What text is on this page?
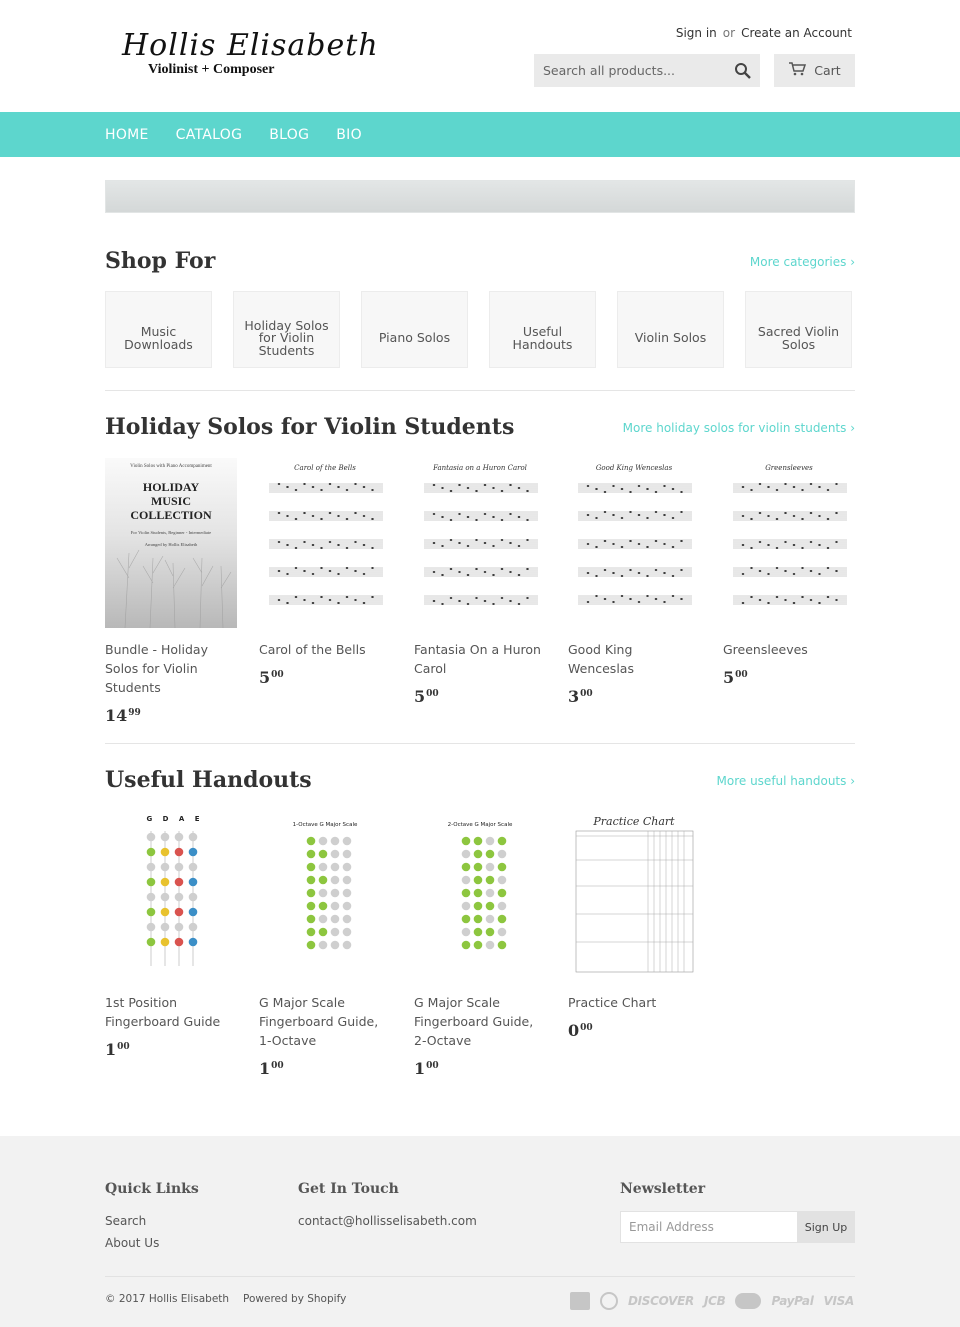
Hollis Elisabeth
Violinist + Composer
Sign in or Create an Account
Search all products...
Cart
HOME CATALOG BLOG BIO
Shop For	More categories ›
Music Downloads
Holiday Solos for Violin Students
Piano Solos	Useful Handouts	Violin Solos	Sacred Violin Solos
Holiday Solos for Violin Students	More holiday solos for violin students ›
Violin Solos with Piano Accompaniment
HOLIDAY
MUSIC
COLLECTION
For Violin Students, Beginner - Intermediate
Arranged by Hollis Elisabeth
Bundle - Holiday Solos for Violin Students
$14^{99}$
Carol of the Bells
Carol of the Bells
$5^{00}$
Fantasia on a Huron Carol
Fantasia On a Huron Carol
$5^{00}$
Good King Wenceslas
Good King Wenceslas
$3^{00}$
Greensleeves
Greensleeves
$5^{00}$
Useful Handouts	More useful handouts ›
G D A E
1st Position Fingerboard Guide
$1^{00}$
1-Octave G Major Scale
G Major Scale Fingerboard Guide, 1-Octave
$1^{00}$
2-Octave G Major Scale
G Major Scale Fingerboard Guide, 2-Octave
$1^{00}$
Practice Chart
Practice Chart
$0^{00}$
Quick Links
Search
About Us
Get In Touch
contact@hollisselisabeth.com
Newsletter
Email Address	Sign Up
© 2017 Hollis Elisabeth Powered by Shopify	DISCOVER JCB	PayPal VISA
